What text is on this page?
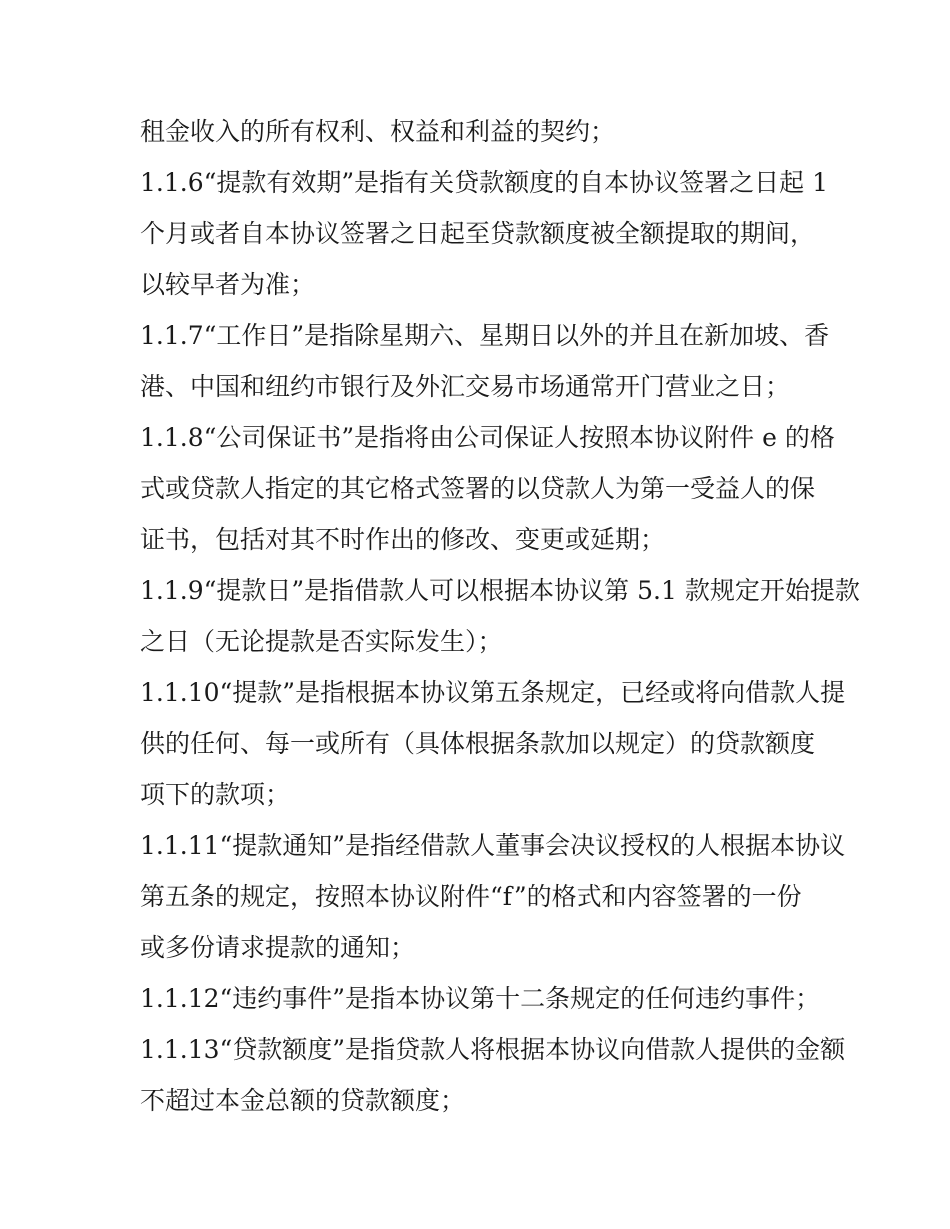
租金收入的所有权利、权益和利益的契约；
1.1.6“提款有效期”是指有关贷款额度的自本协议签署之日起 1
个月或者自本协议签署之日起至贷款额度被全额提取的期间，
以较早者为准；
1.1.7“工作日”是指除星期六、星期日以外的并且在新加坡、香
港、中国和纽约市银行及外汇交易市场通常开门营业之日；
1.1.8“公司保证书”是指将由公司保证人按照本协议附件 e 的格
式或贷款人指定的其它格式签署的以贷款人为第一受益人的保
证书，包括对其不时作出的修改、变更或延期；
1.1.9“提款日”是指借款人可以根据本协议第 5.1 款规定开始提款
之日（无论提款是否实际发生）；
1.1.10“提款”是指根据本协议第五条规定，已经或将向借款人提
供的任何、每一或所有（具体根据条款加以规定）的贷款额度
项下的款项；
1.1.11“提款通知”是指经借款人董事会决议授权的人根据本协议
第五条的规定，按照本协议附件“f”的格式和内容签署的一份
或多份请求提款的通知；
1.1.12“违约事件”是指本协议第十二条规定的任何违约事件；
1.1.13“贷款额度”是指贷款人将根据本协议向借款人提供的金额
不超过本金总额的贷款额度；
